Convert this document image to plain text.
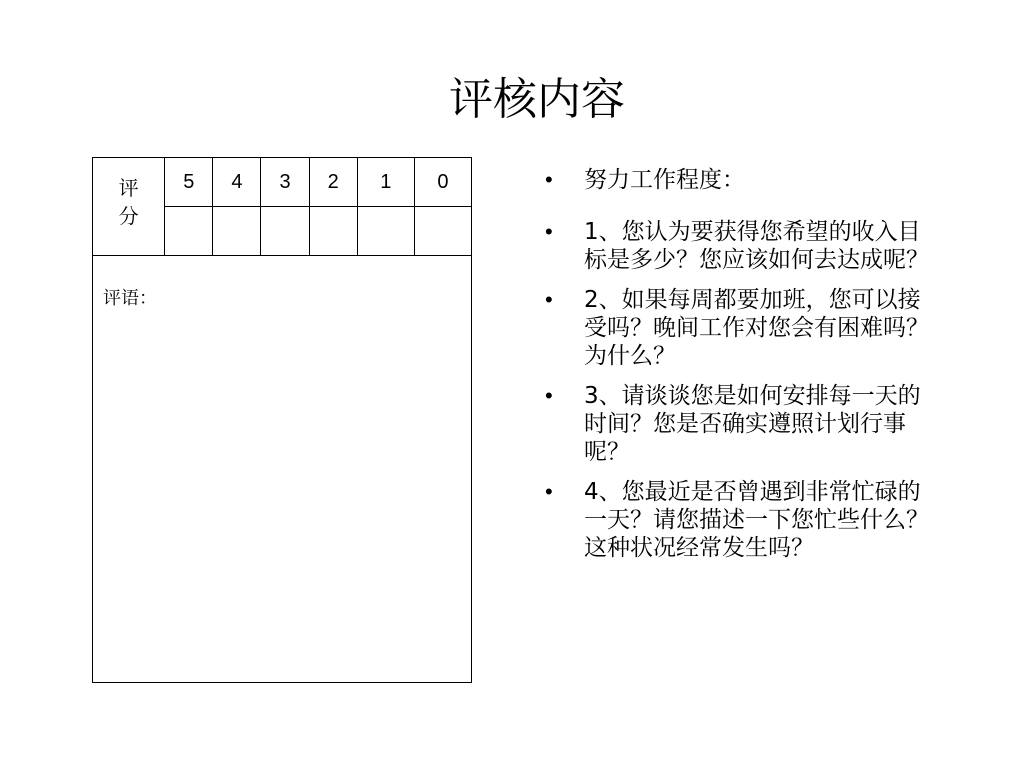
评核内容
评
分	5	4	3	2	1	0

评语：						
•	努力工作程度：
•	1、您认为要获得您希望的收入目标是多少？您应该如何去达成呢？
•	2、如果每周都要加班，您可以接受吗？晚间工作对您会有困难吗？为什么？
•	3、请谈谈您是如何安排每一天的时间？您是否确实遵照计划行事呢？
•	4、您最近是否曾遇到非常忙碌的一天？请您描述一下您忙些什么？这种状况经常发生吗？
